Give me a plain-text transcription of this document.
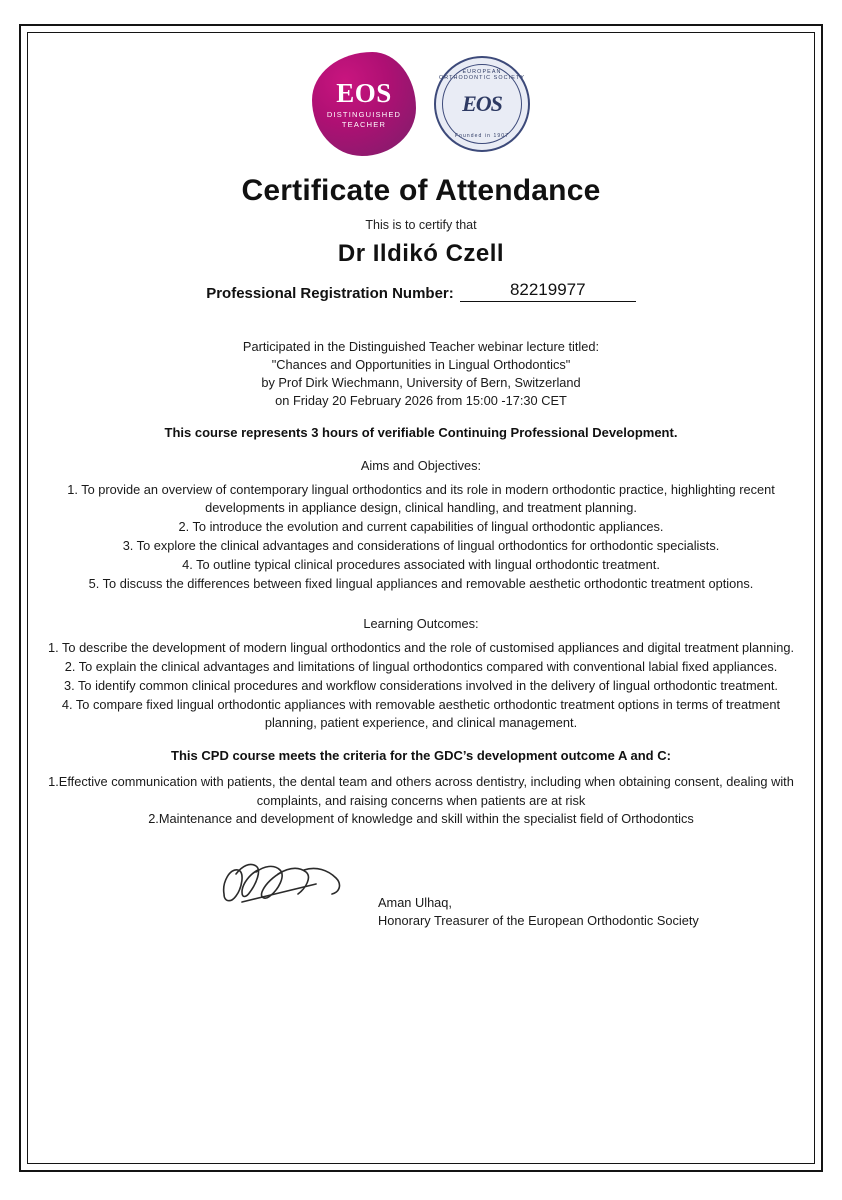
EOS
DISTINGUISHED
TEACHER
EUROPEAN ORTHODONTIC SOCIETY
EOS
Founded in 1907
Certificate of Attendance
This is to certify that
Dr Ildikó Czell
Professional Registration Number:	82219977

Participated in the Distinguished Teacher webinar lecture titled:

"Chances and Opportunities in Lingual Orthodontics"

by Prof Dirk Wiechmann, University of Bern, Switzerland

on Friday 20 February 2026 from 15:00 -17:30 CET

This course represents 3 hours of verifiable Continuing Professional Development.
Aims and Objectives:

1. To provide an overview of contemporary lingual orthodontics and its role in modern orthodontic practice, highlighting recent developments in appliance design, clinical handling, and treatment planning.

2. To introduce the evolution and current capabilities of lingual orthodontic appliances.

3. To explore the clinical advantages and considerations of lingual orthodontics for orthodontic specialists.

4. To outline typical clinical procedures associated with lingual orthodontic treatment.

5. To discuss the differences between fixed lingual appliances and removable aesthetic orthodontic treatment options.

Learning Outcomes:

1. To describe the development of modern lingual orthodontics and the role of customised appliances and digital treatment planning.

2. To explain the clinical advantages and limitations of lingual orthodontics compared with conventional labial fixed appliances.

3. To identify common clinical procedures and workflow considerations involved in the delivery of lingual orthodontic treatment.

4. To compare fixed lingual orthodontic appliances with removable aesthetic orthodontic treatment options in terms of treatment planning, patient experience, and clinical management.

This CPD course meets the criteria for the GDC’s development outcome A and C:

1.Effective communication with patients, the dental team and others across dentistry, including when obtaining consent, dealing with complaints, and raising concerns when patients are at risk

2.Maintenance and development of knowledge and skill within the specialist field of Orthodontics

Aman Ulhaq,
Honorary Treasurer of the European Orthodontic Society
